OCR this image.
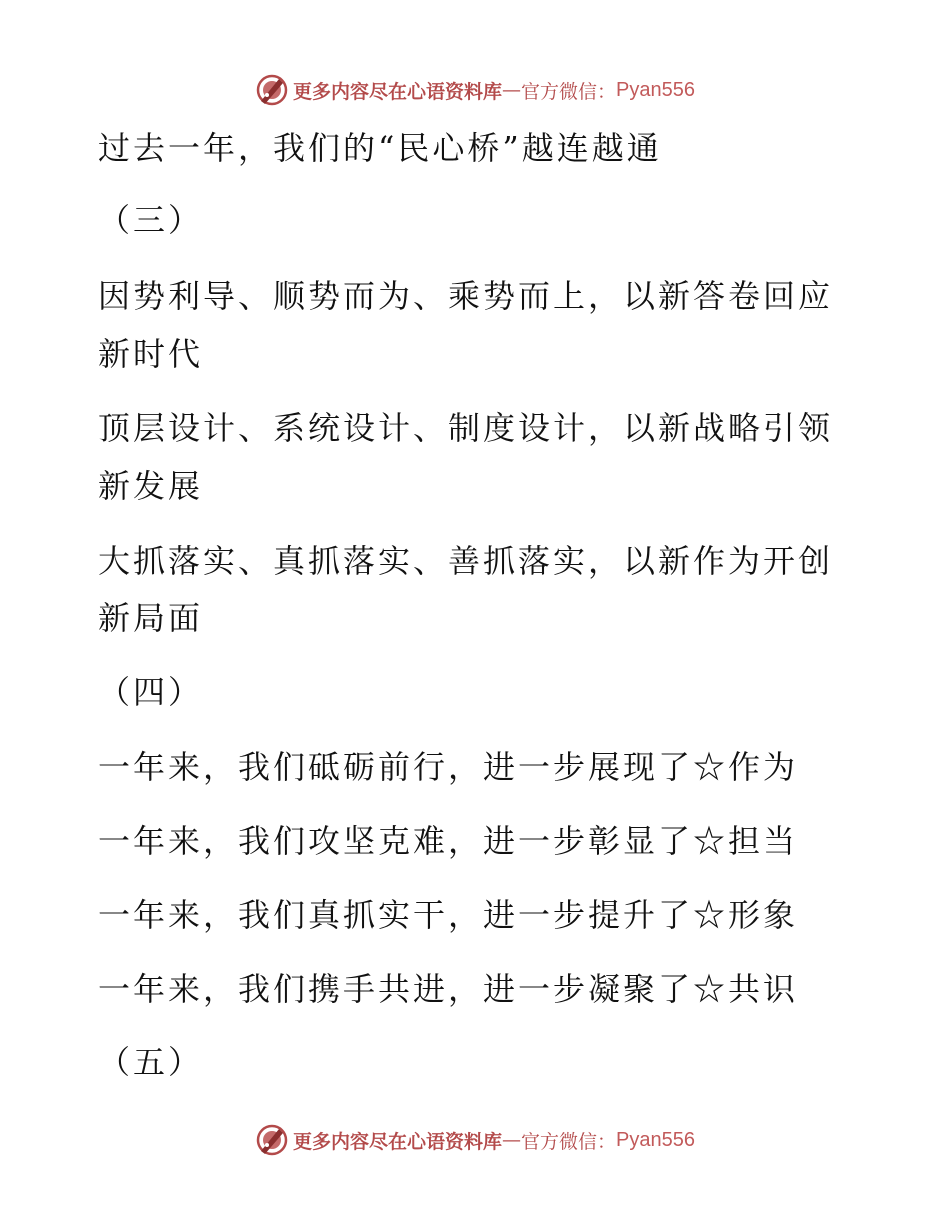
更多内容尽在心语资料库 — 官方微信： Pyan556
过去一年，我们的“民心桥”越连越通
（三）
因势利导、顺势而为、乘势而上，以新答卷回应
新时代
顶层设计、系统设计、制度设计，以新战略引领
新发展
大抓落实、真抓落实、善抓落实，以新作为开创
新局面
（四）
一年来，我们砥砺前行，进一步展现了☆作为
一年来，我们攻坚克难，进一步彰显了☆担当
一年来，我们真抓实干，进一步提升了☆形象
一年来，我们携手共进，进一步凝聚了☆共识
（五）
更多内容尽在心语资料库 — 官方微信： Pyan556
